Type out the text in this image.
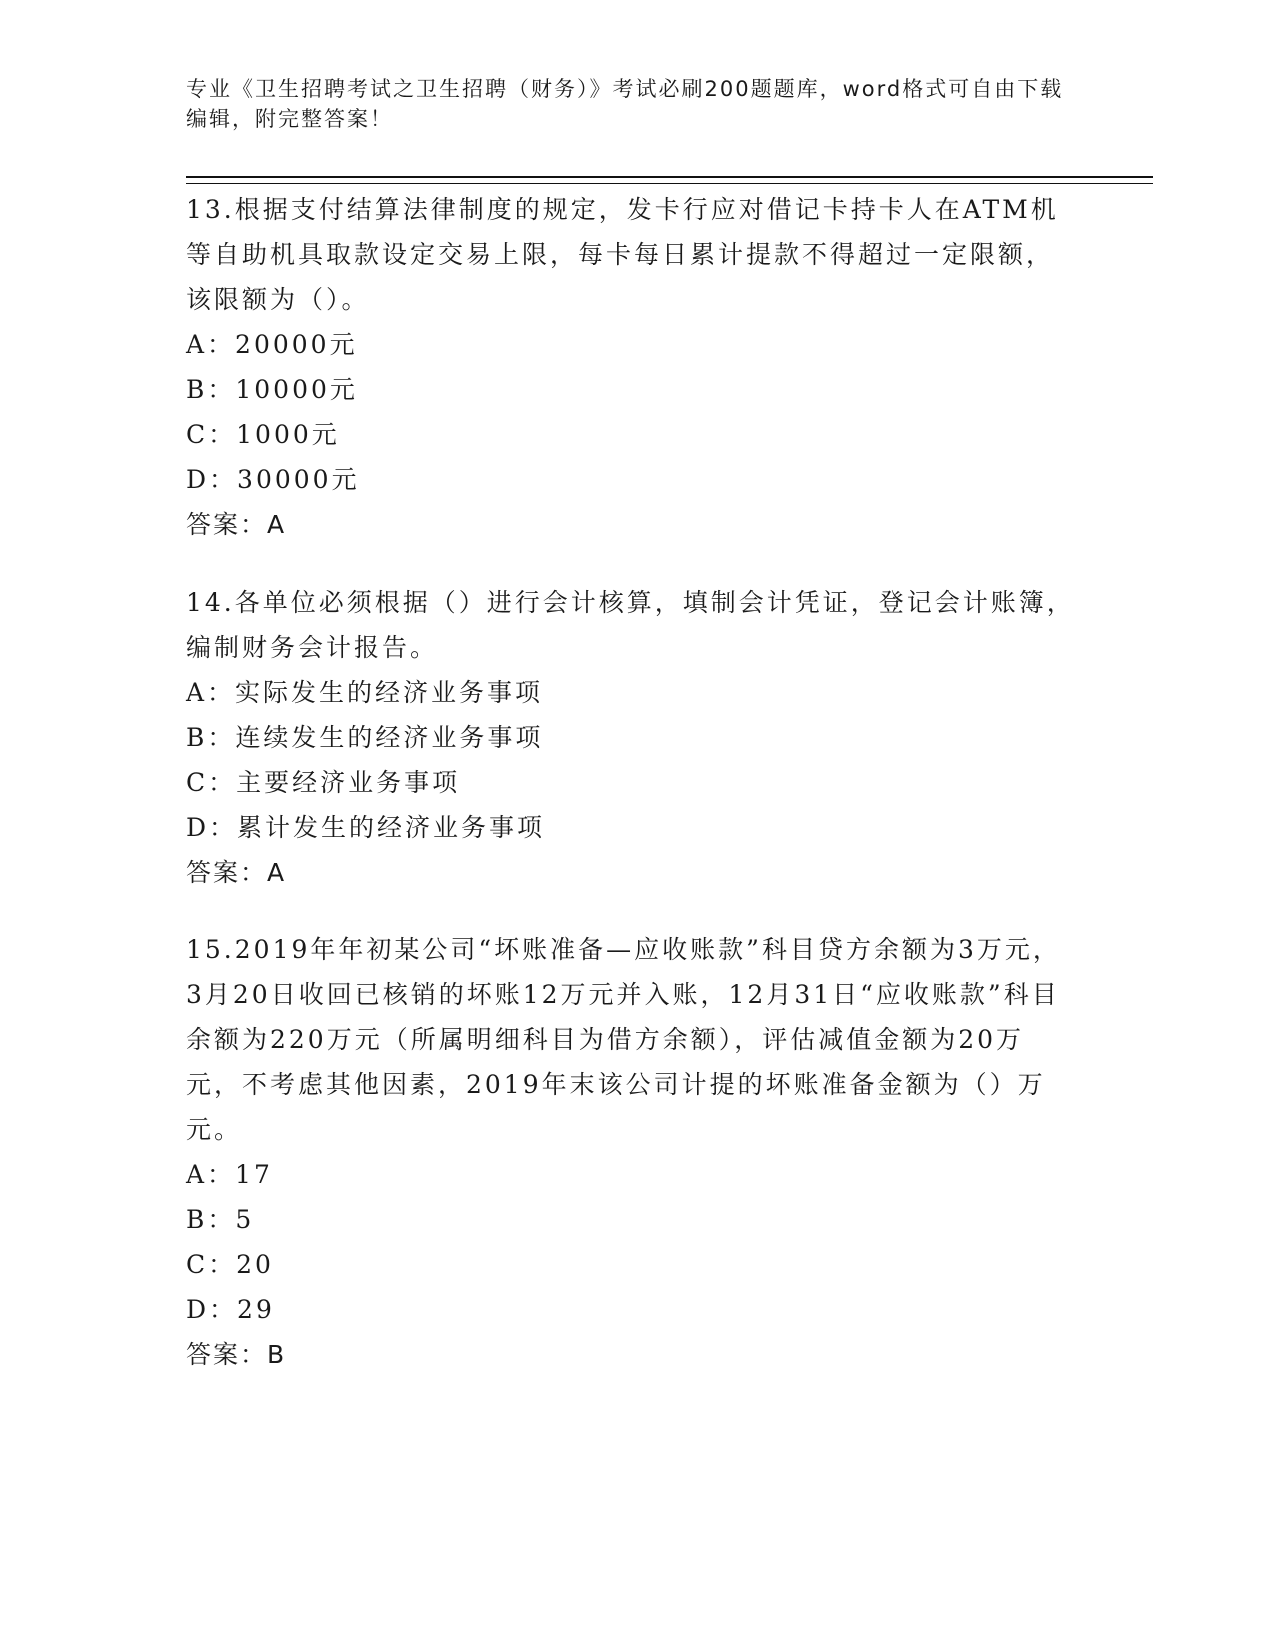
专业《卫生招聘考试之卫生招聘（财务）》考试必刷200题题库，word格式可自由下载编辑，附完整答案！
13.根据支付结算法律制度的规定，发卡行应对借记卡持卡人在ATM机等自助机具取款设定交易上限，每卡每日累计提款不得超过一定限额，该限额为（）。
A：20000元
B：10000元
C：1000元
D：30000元
答案：A
14.各单位必须根据（）进行会计核算，填制会计凭证，登记会计账簿，编制财务会计报告。
A：实际发生的经济业务事项
B：连续发生的经济业务事项
C：主要经济业务事项
D：累计发生的经济业务事项
答案：A
15.2019年年初某公司“坏账准备—应收账款”科目贷方余额为3万元，3月20日收回已核销的坏账12万元并入账，12月31日“应收账款”科目余额为220万元（所属明细科目为借方余额），评估减值金额为20万元，不考虑其他因素，2019年末该公司计提的坏账准备金额为（）万元。
A：17
B：5
C：20
D：29
答案：B
